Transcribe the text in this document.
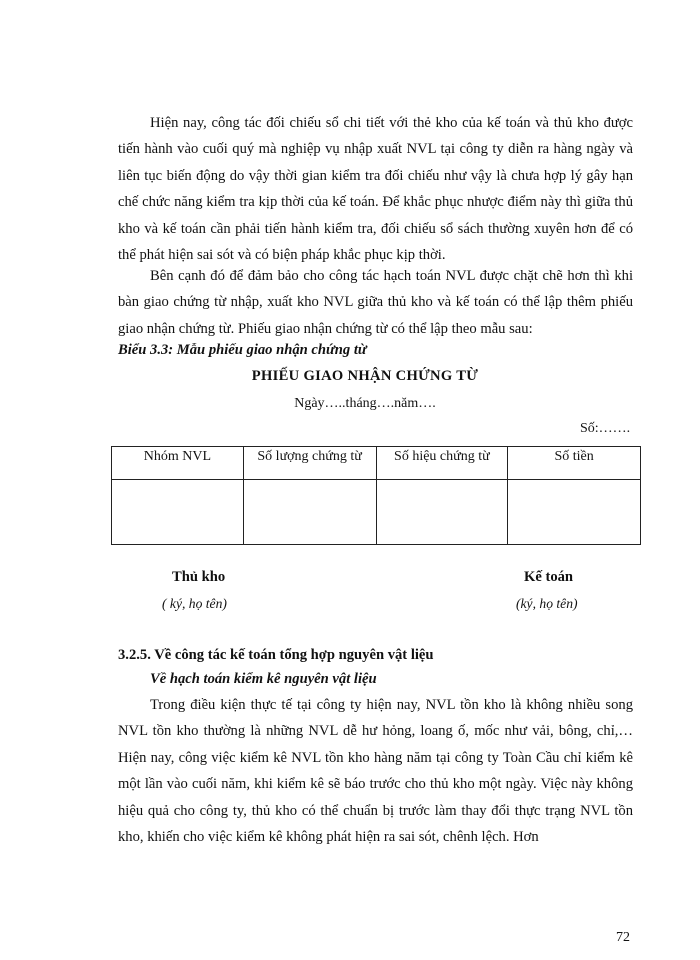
Hiện nay, công tác đối chiếu sổ chi tiết với thẻ kho của kế toán và thủ kho được tiến hành vào cuối quý mà nghiệp vụ nhập xuất NVL tại công ty diễn ra hàng ngày và liên tục biến động do vậy thời gian kiểm tra đối chiếu như vậy là chưa hợp lý gây hạn chế chức năng kiểm tra kịp thời của kế toán. Để khắc phục nhược điểm này thì giữa thủ kho và kế toán cần phải tiến hành kiểm tra, đối chiếu sổ sách thường xuyên hơn để có thể phát hiện sai sót và có biện pháp khắc phục kịp thời.
Bên cạnh đó để đảm bảo cho công tác hạch toán NVL được chặt chẽ hơn thì khi bàn giao chứng từ nhập, xuất kho NVL giữa thủ kho và kế toán có thể lập thêm phiếu giao nhận chứng từ. Phiếu giao nhận chứng từ có thể lập theo mẫu sau:
Biểu 3.3: Mẫu phiếu giao nhận chứng từ
PHIẾU GIAO NHẬN CHỨNG TỪ
Ngày…..tháng….năm….
Số:…….
Nhóm NVL	Số lượng chứng từ	Số hiệu chứng từ	Số tiền

Thủ kho
( ký, họ tên)
Kế toán
(ký, họ tên)
3.2.5. Về công tác kế toán tổng hợp nguyên vật liệu
Về hạch toán kiểm kê nguyên vật liệu
Trong điều kiện thực tế tại công ty hiện nay, NVL tồn kho là không nhiều song NVL tồn kho thường là những NVL dễ hư hỏng, loang ố, mốc như vải, bông, chỉ,… Hiện nay, công việc kiểm kê NVL tồn kho hàng năm tại công ty Toàn Cầu chỉ kiểm kê một lần vào cuối năm, khi kiểm kê sẽ báo trước cho thủ kho một ngày. Việc này không hiệu quả cho công ty, thủ kho có thể chuẩn bị trước làm thay đổi thực trạng NVL tồn kho, khiến cho việc kiểm kê không phát hiện ra sai sót, chênh lệch. Hơn
72
